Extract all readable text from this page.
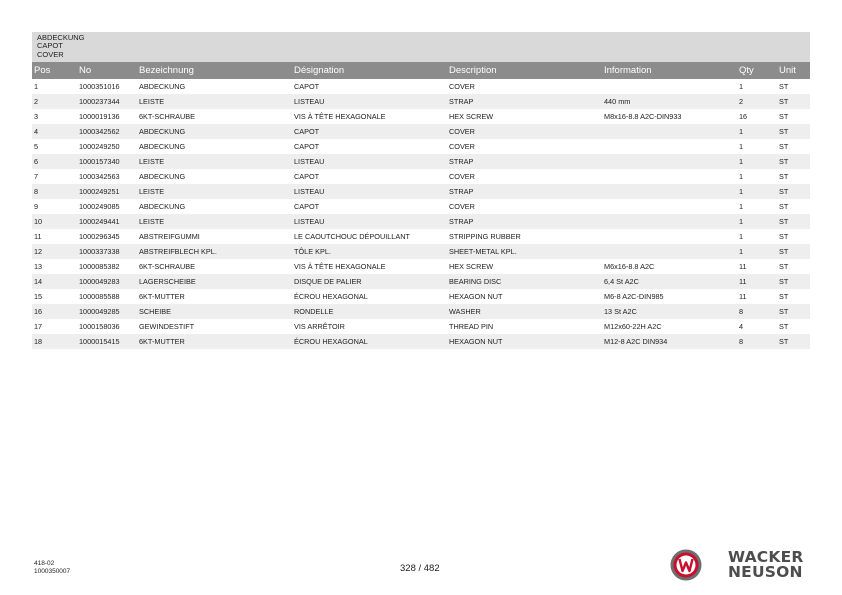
ABDECKUNG
CAPOT
COVER
Pos	No	Bezeichnung	Désignation	Description	Information	Qty	Unit
1	1000351016	ABDECKUNG	CAPOT	COVER		1	ST
2	1000237344	LEISTE	LISTEAU	STRAP	440 mm	2	ST
3	1000019136	6KT-SCHRAUBE	VIS À TÊTE HEXAGONALE	HEX SCREW	M8x16-8.8 A2C-DIN933	16	ST
4	1000342562	ABDECKUNG	CAPOT	COVER		1	ST
5	1000249250	ABDECKUNG	CAPOT	COVER		1	ST
6	1000157340	LEISTE	LISTEAU	STRAP		1	ST
7	1000342563	ABDECKUNG	CAPOT	COVER		1	ST
8	1000249251	LEISTE	LISTEAU	STRAP		1	ST
9	1000249085	ABDECKUNG	CAPOT	COVER		1	ST
10	1000249441	LEISTE	LISTEAU	STRAP		1	ST
11	1000296345	ABSTREIFGUMMI	LE CAOUTCHOUC DÉPOUILLANT	STRIPPING RUBBER		1	ST
12	1000337338	ABSTREIFBLECH KPL.	TÔLE KPL.	SHEET-METAL KPL.		1	ST
13	1000085382	6KT-SCHRAUBE	VIS À TÊTE HEXAGONALE	HEX SCREW	M6x16-8.8 A2C	11	ST
14	1000049283	LAGERSCHEIBE	DISQUE DE PALIER	BEARING DISC	6,4 St A2C	11	ST
15	1000085588	6KT-MUTTER	ÉCROU HEXAGONAL	HEXAGON NUT	M6-8 A2C-DIN985	11	ST
16	1000049285	SCHEIBE	RONDELLE	WASHER	13 St A2C	8	ST
17	1000158036	GEWINDESTIFT	VIS ARRÊTOIR	THREAD PIN	M12x60-22H A2C	4	ST
18	1000015415	6KT-MUTTER	ÉCROU HEXAGONAL	HEXAGON NUT	M12-8 A2C DIN934	8	ST
418-02
1000350007	328 / 482
WACKER
NEUSON
